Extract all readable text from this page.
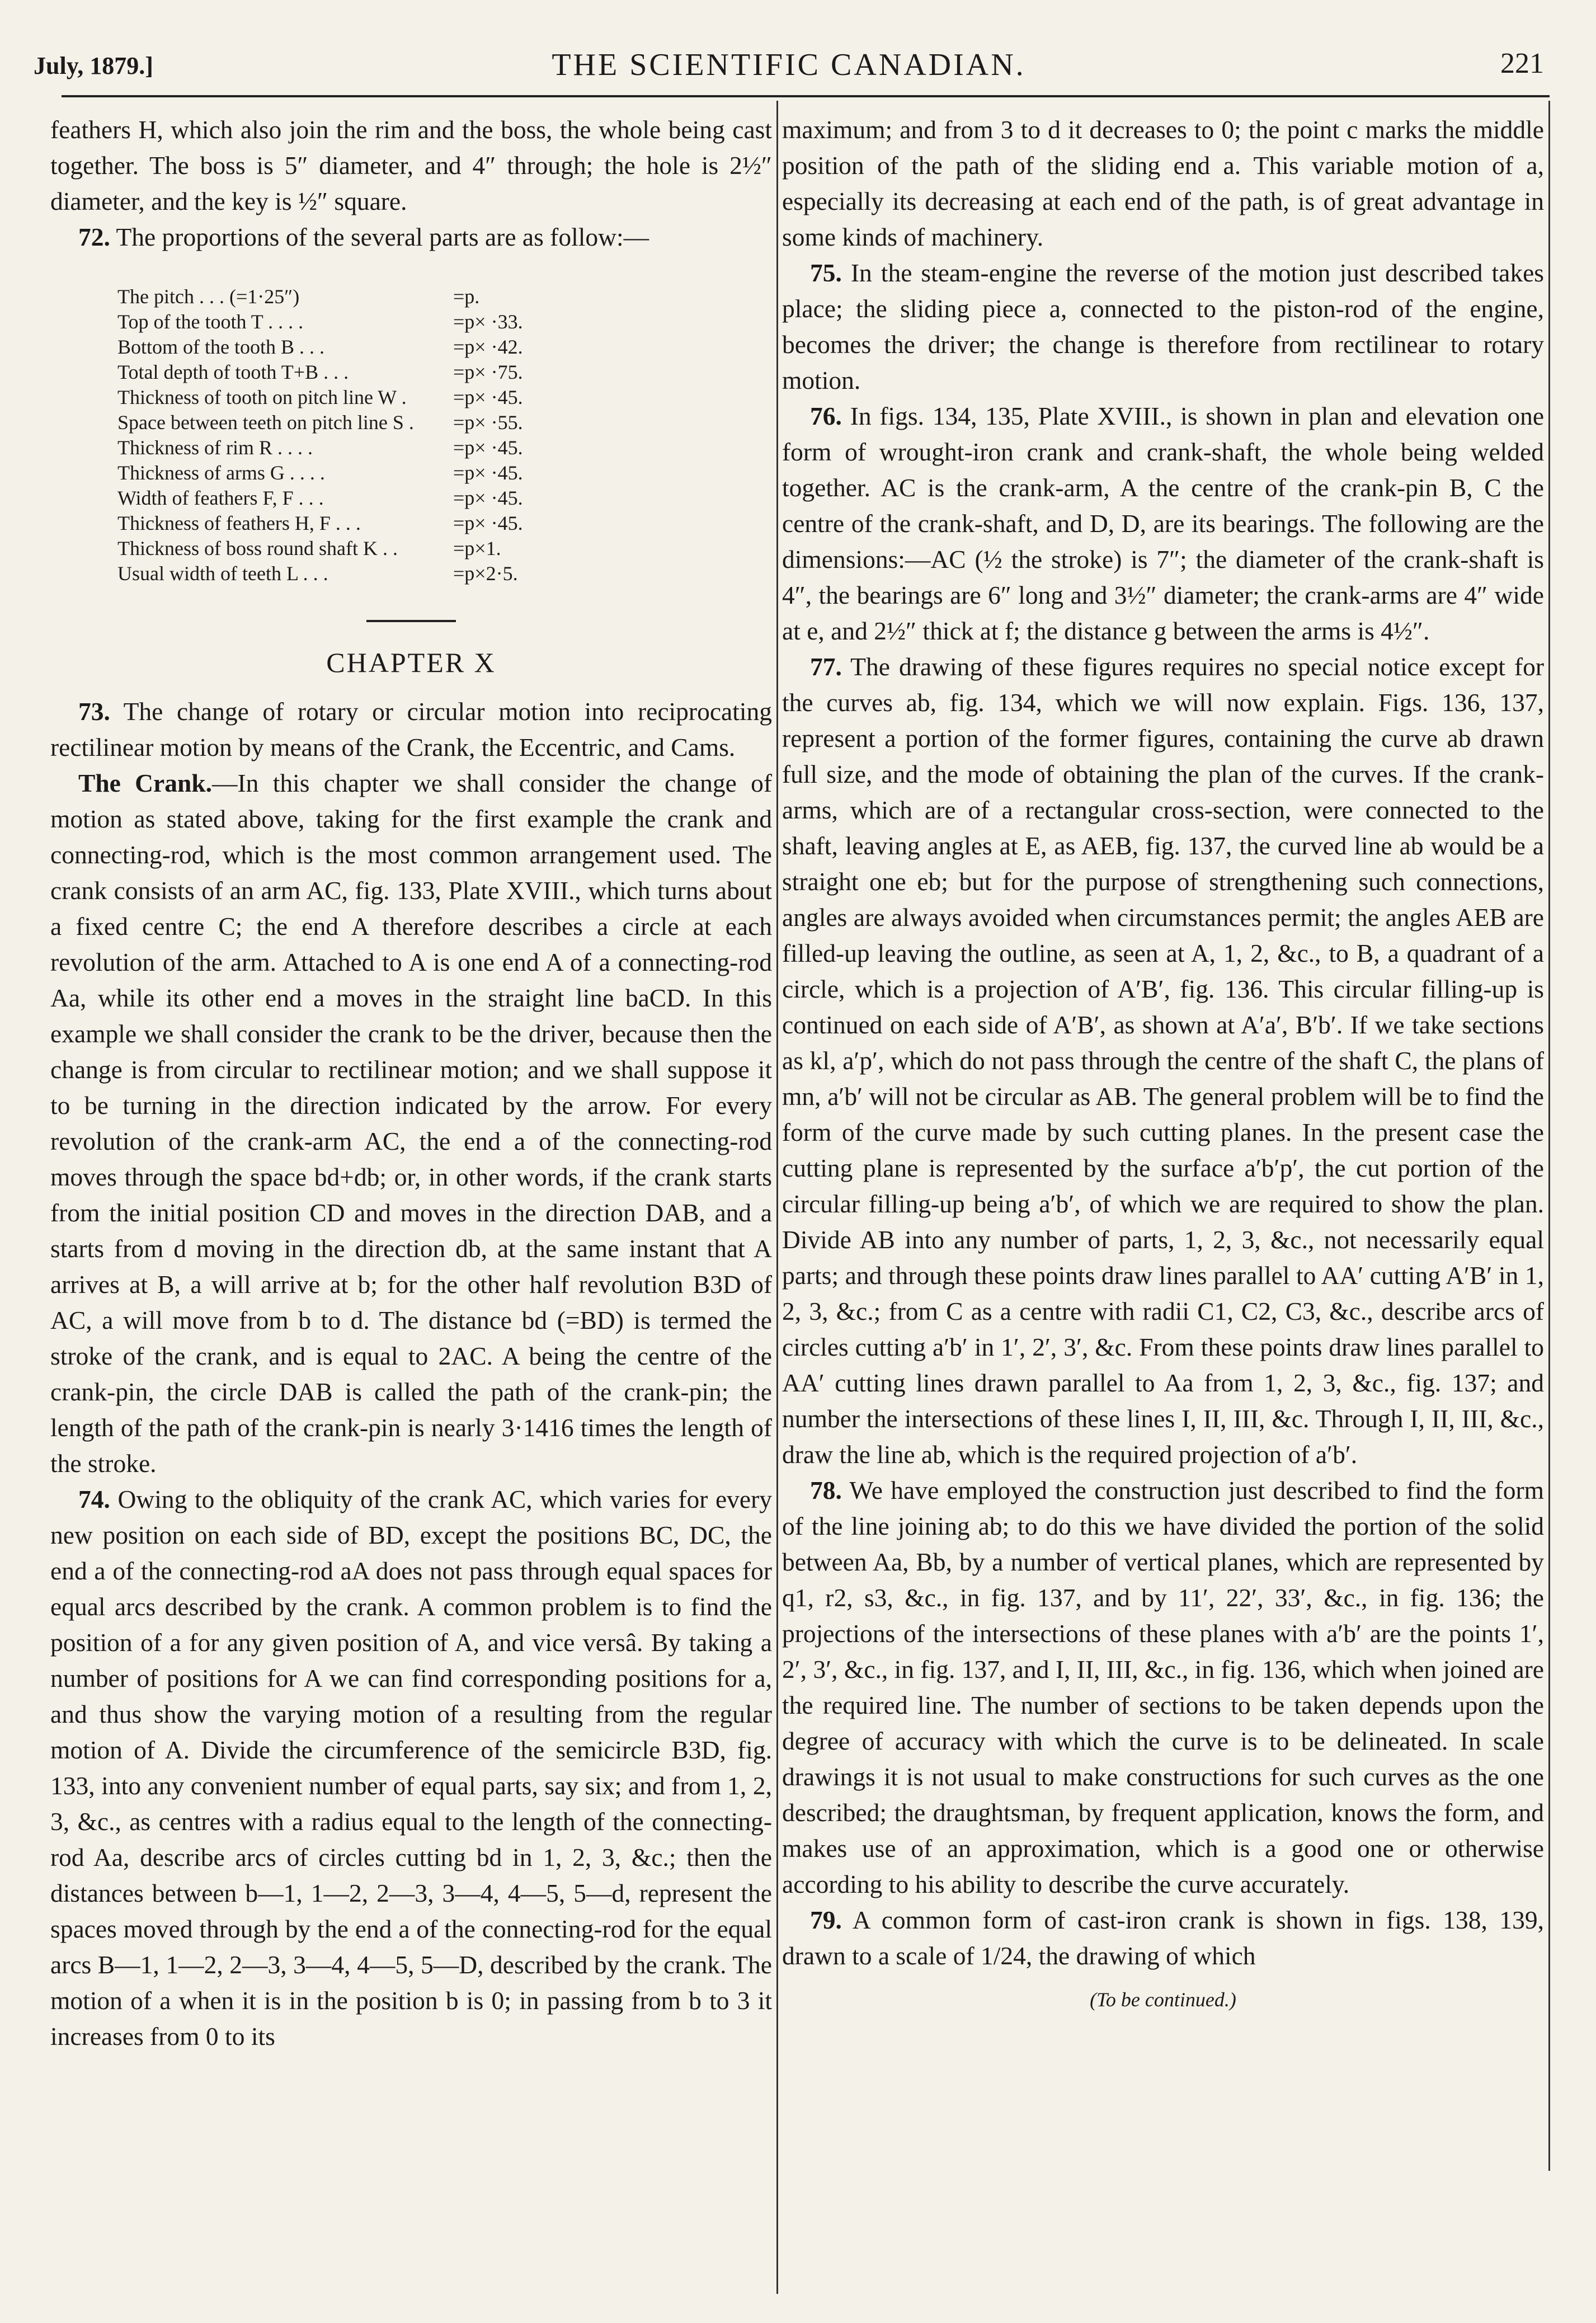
July, 1879.]	THE SCIENTIFIC CANADIAN.	221

feathers H, which also join the rim and the boss, the whole being cast together. The boss is 5″ diameter, and 4″ through; the hole is 2½″ diameter, and the key is ½″ square.

72. The proportions of the several parts are as follow:—

The pitch . . . (=1·25″)	=p.
Top of the tooth T . . . .	=p× ·33.
Bottom of the tooth B . . .	=p× ·42.
Total depth of tooth T+B . . .	=p× ·75.
Thickness of tooth on pitch line W .	=p× ·45.
Space between teeth on pitch line S .	=p× ·55.
Thickness of rim R . . . .	=p× ·45.
Thickness of arms G . . . .	=p× ·45.
Width of feathers F, F . . .	=p× ·45.
Thickness of feathers H, F . . .	=p× ·45.
Thickness of boss round shaft K . .	=p×1.
Usual width of teeth L . . .	=p×2·5.
CHAPTER X

73. The change of rotary or circular motion into reciprocating rectilinear motion by means of the Crank, the Eccentric, and Cams.

The Crank.—In this chapter we shall consider the change of motion as stated above, taking for the first example the crank and connecting-rod, which is the most common arrangement used. The crank consists of an arm AC, fig. 133, Plate XVIII., which turns about a fixed centre C; the end A therefore describes a circle at each revolution of the arm. Attached to A is one end A of a connecting-rod Aa, while its other end a moves in the straight line baCD. In this example we shall consider the crank to be the driver, because then the change is from circular to rectilinear motion; and we shall suppose it to be turning in the direction indicated by the arrow. For every revolution of the crank-arm AC, the end a of the connecting-rod moves through the space bd+db; or, in other words, if the crank starts from the initial position CD and moves in the direction DAB, and a starts from d moving in the direction db, at the same instant that A arrives at B, a will arrive at b; for the other half revolution B3D of AC, a will move from b to d. The distance bd (=BD) is termed the stroke of the crank, and is equal to 2AC. A being the centre of the crank-pin, the circle DAB is called the path of the crank-pin; the length of the path of the crank-pin is nearly 3·1416 times the length of the stroke.

74. Owing to the obliquity of the crank AC, which varies for every new position on each side of BD, except the positions BC, DC, the end a of the connecting-rod aA does not pass through equal spaces for equal arcs described by the crank. A common problem is to find the position of a for any given position of A, and vice versâ. By taking a number of positions for A we can find corresponding positions for a, and thus show the varying motion of a resulting from the regular motion of A. Divide the circumference of the semicircle B3D, fig. 133, into any convenient number of equal parts, say six; and from 1, 2, 3, &c., as centres with a radius equal to the length of the connecting-rod Aa, describe arcs of circles cutting bd in 1, 2, 3, &c.; then the distances between b—1, 1—2, 2—3, 3—4, 4—5, 5—d, represent the spaces moved through by the end a of the connecting-rod for the equal arcs B—1, 1—2, 2—3, 3—4, 4—5, 5—D, described by the crank. The motion of a when it is in the position b is 0; in passing from b to 3 it increases from 0 to its

maximum; and from 3 to d it decreases to 0; the point c marks the middle position of the path of the sliding end a. This variable motion of a, especially its decreasing at each end of the path, is of great advantage in some kinds of machinery.

75. In the steam-engine the reverse of the motion just described takes place; the sliding piece a, connected to the piston-rod of the engine, becomes the driver; the change is therefore from rectilinear to rotary motion.

76. In figs. 134, 135, Plate XVIII., is shown in plan and elevation one form of wrought-iron crank and crank-shaft, the whole being welded together. AC is the crank-arm, A the centre of the crank-pin B, C the centre of the crank-shaft, and D, D, are its bearings. The following are the dimensions:—AC (½ the stroke) is 7″; the diameter of the crank-shaft is 4″, the bearings are 6″ long and 3½″ diameter; the crank-arms are 4″ wide at e, and 2½″ thick at f; the distance g between the arms is 4½″.

77. The drawing of these figures requires no special notice except for the curves ab, fig. 134, which we will now explain. Figs. 136, 137, represent a portion of the former figures, containing the curve ab drawn full size, and the mode of obtaining the plan of the curves. If the crank-arms, which are of a rectangular cross-section, were connected to the shaft, leaving angles at E, as AEB, fig. 137, the curved line ab would be a straight one eb; but for the purpose of strengthening such connections, angles are always avoided when circumstances permit; the angles AEB are filled-up leaving the outline, as seen at A, 1, 2, &c., to B, a quadrant of a circle, which is a projection of A′B′, fig. 136. This circular filling-up is continued on each side of A′B′, as shown at A′a′, B′b′. If we take sections as kl, a′p′, which do not pass through the centre of the shaft C, the plans of mn, a′b′ will not be circular as AB. The general problem will be to find the form of the curve made by such cutting planes. In the present case the cutting plane is represented by the surface a′b′p′, the cut portion of the circular filling-up being a′b′, of which we are required to show the plan. Divide AB into any number of parts, 1, 2, 3, &c., not necessarily equal parts; and through these points draw lines parallel to AA′ cutting A′B′ in 1, 2, 3, &c.; from C as a centre with radii C1, C2, C3, &c., describe arcs of circles cutting a′b′ in 1′, 2′, 3′, &c. From these points draw lines parallel to AA′ cutting lines drawn parallel to Aa from 1, 2, 3, &c., fig. 137; and number the intersections of these lines I, II, III, &c. Through I, II, III, &c., draw the line ab, which is the required projection of a′b′.

78. We have employed the construction just described to find the form of the line joining ab; to do this we have divided the portion of the solid between Aa, Bb, by a number of vertical planes, which are represented by q1, r2, s3, &c., in fig. 137, and by 11′, 22′, 33′, &c., in fig. 136; the projections of the intersections of these planes with a′b′ are the points 1′, 2′, 3′, &c., in fig. 137, and I, II, III, &c., in fig. 136, which when joined are the required line. The number of sections to be taken depends upon the degree of accuracy with which the curve is to be delineated. In scale drawings it is not usual to make constructions for such curves as the one described; the draughtsman, by frequent application, knows the form, and makes use of an approximation, which is a good one or otherwise according to his ability to describe the curve accurately.

79. A common form of cast-iron crank is shown in figs. 138, 139, drawn to a scale of 1/24, the drawing of which

(To be continued.)
